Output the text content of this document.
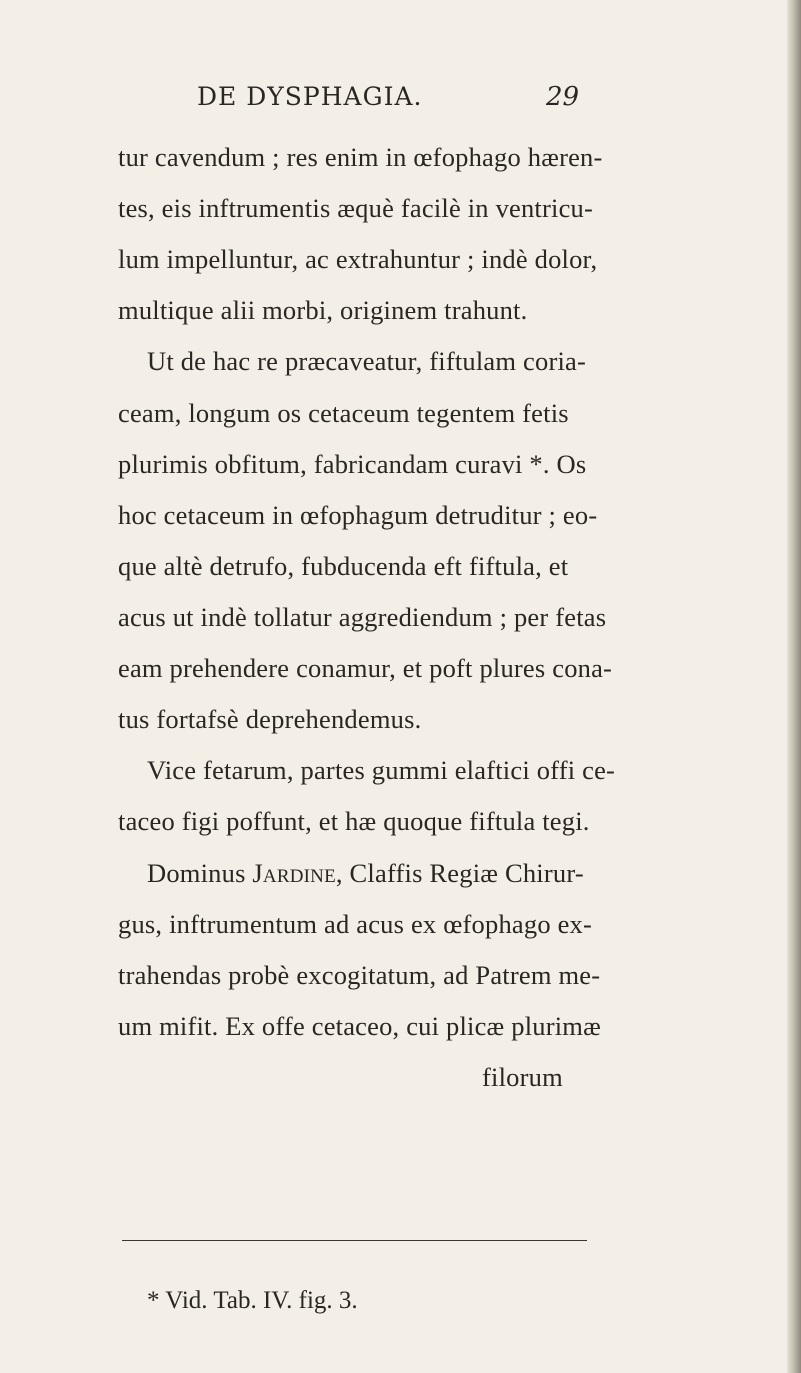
DE DYSPHAGIA.	29
tur cavendum ; res enim in œfophago hæren-
tes, eis inftrumentis æquè facilè in ventricu-
lum impelluntur, ac extrahuntur ; indè dolor,
multique alii morbi, originem trahunt.
Ut de hac re præcaveatur, fiftulam coria-
ceam, longum os cetaceum tegentem fetis
plurimis obfitum, fabricandam curavi *. Os
hoc cetaceum in œfophagum detruditur ; eo-
que altè detrufo, fubducenda eft fiftula, et
acus ut indè tollatur aggrediendum ; per fetas
eam prehendere conamur, et poft plures cona-
tus fortafsè deprehendemus.
Vice fetarum, partes gummi elaftici offi ce-
taceo figi poffunt, et hæ quoque fiftula tegi.
Dominus Jardine, Claffis Regiæ Chirur-
gus, inftrumentum ad acus ex œfophago ex-
trahendas probè excogitatum, ad Patrem me-
um mifit. Ex offe cetaceo, cui plicæ plurimæ
filorum
* Vid. Tab. IV. fig. 3.
